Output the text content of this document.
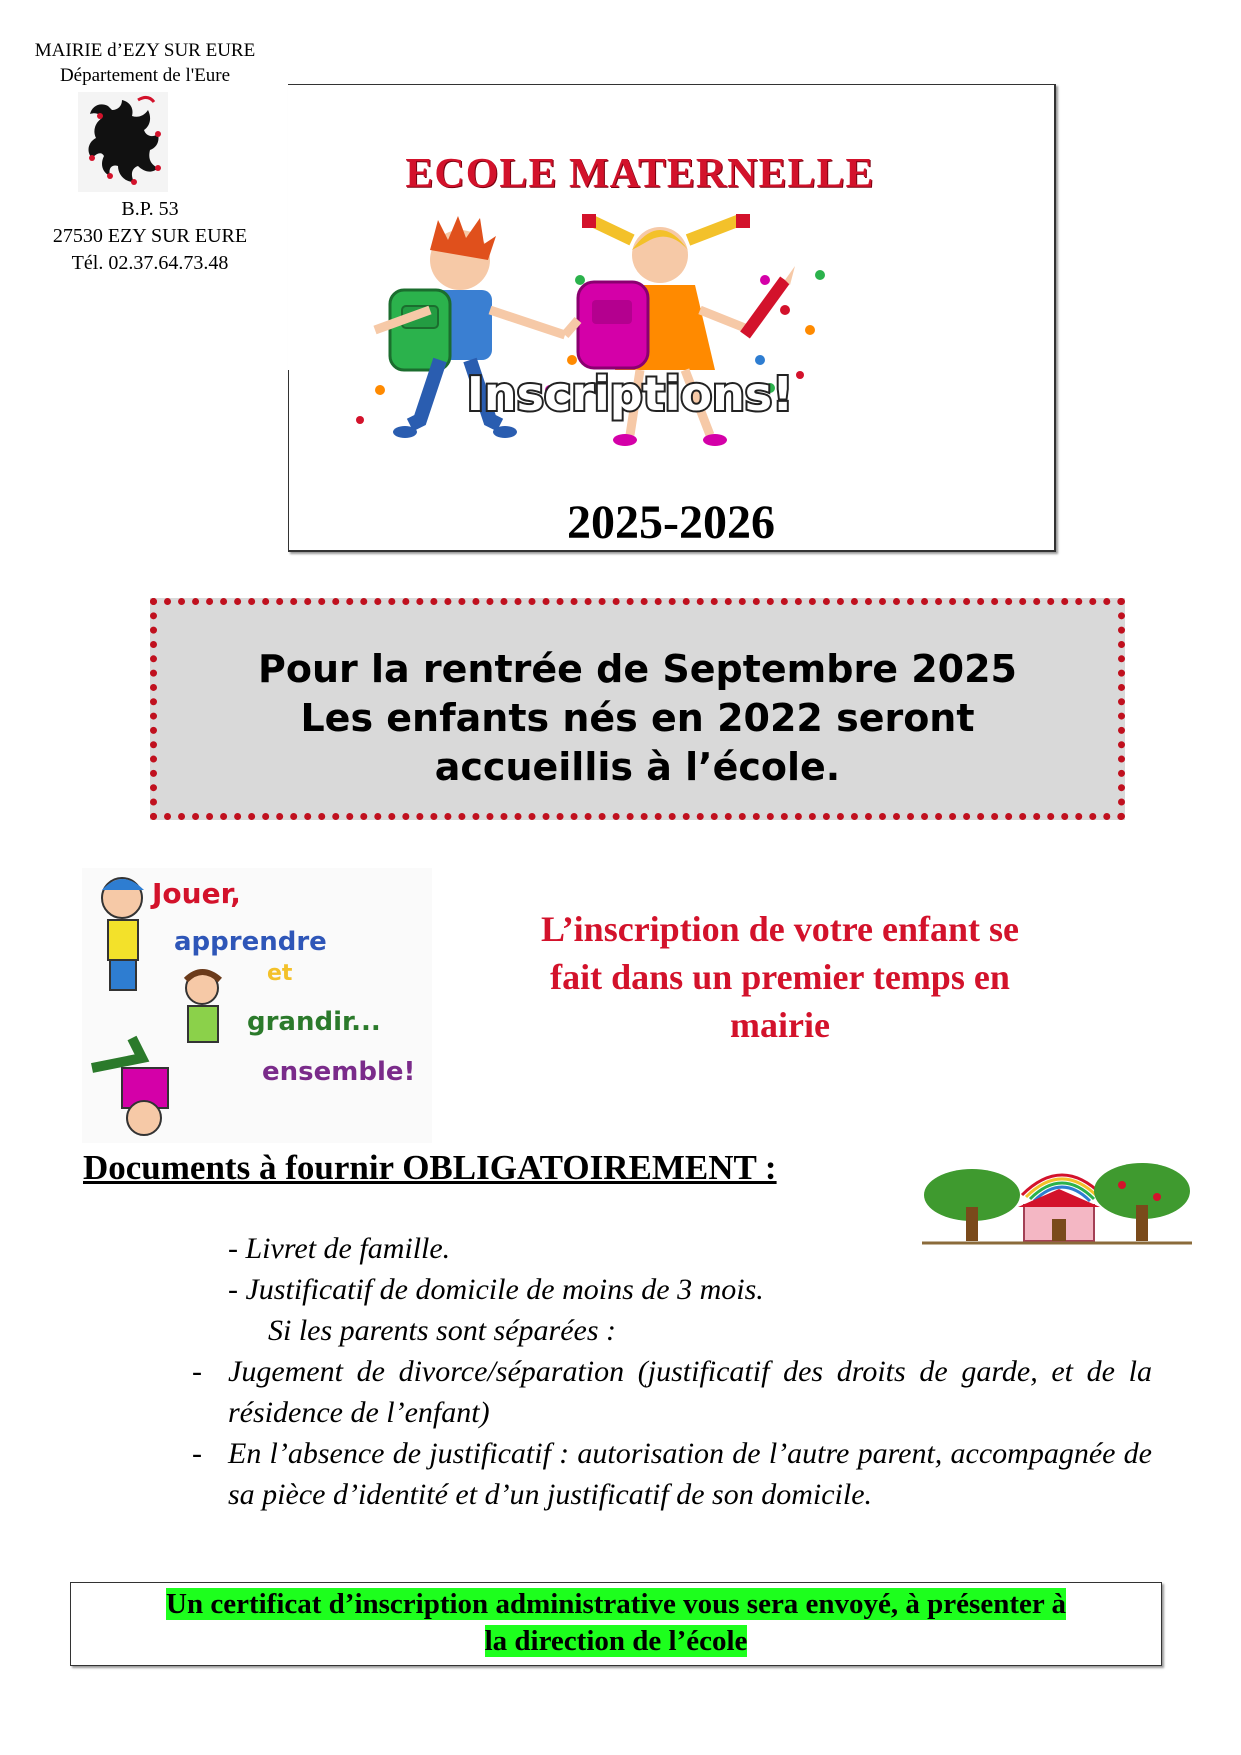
MAIRIE d’EZY SUR EURE
Département de l'Eure
B.P. 53
27530 EZY SUR EURE
Tél. 02.37.64.73.48
ECOLE MATERNELLE
Inscriptions!
2025-2026
Pour la rentrée de Septembre 2025
Les enfants nés en 2022 seront
accueillis à l’école.
Jouer,
apprendre
et
grandir...
ensemble!
L’inscription de votre enfant se
fait dans un premier temps en
mairie
Documents à fournir OBLIGATOIREMENT :
- Livret de famille.
- Justificatif de domicile de moins de 3 mois.
Si les parents sont séparées :
- Jugement de divorce/séparation (justificatif des droits de garde, et de la résidence de l’enfant)
- En l’absence de justificatif : autorisation de l’autre parent, accompagnée de sa pièce d’identité et d’un justificatif de son domicile.
Un certificat d’inscription administrative vous sera envoyé, à présenter à
la direction de l’école
